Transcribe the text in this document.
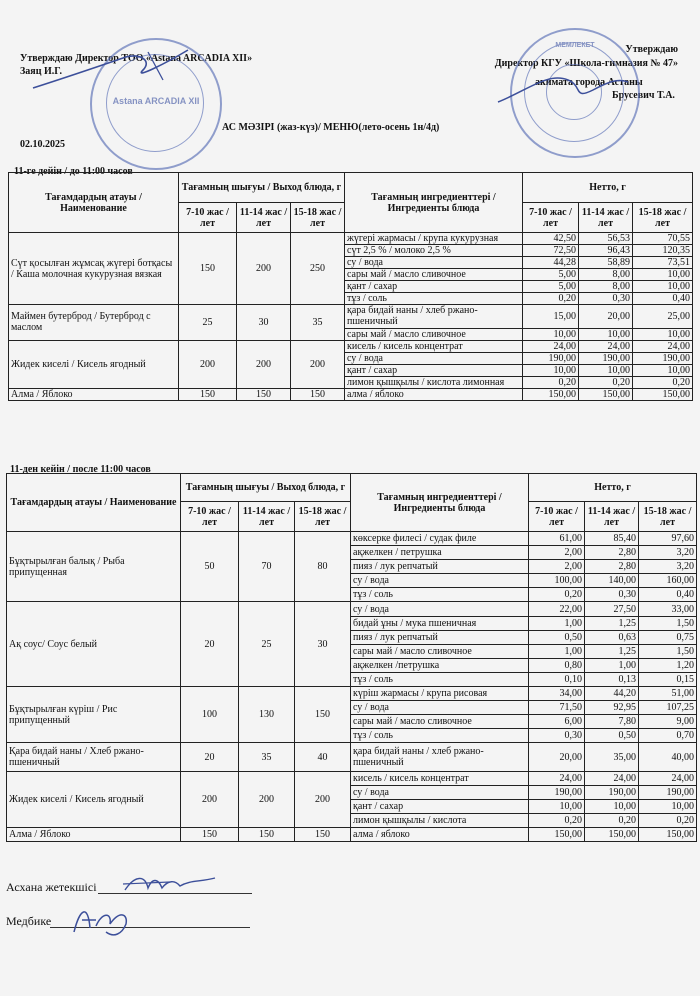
Утверждаю Директор ТОО «Astana ARCADIA XII»
Заяц И.Г.
Утверждаю
Директор КГУ «Школа-гимназия № 47»
акимата города Астаны
Брусевич Т.А.
02.10.2025
АС МӘЗІРІ (жаз-күз)/ МЕНЮ(лето-осень 1н/4д)
Astana ARCADIA XII
МЕМЛЕКЕТ
11-ге дейін / до 11:00 часов
Тағамдардың атауы / Наименование	Тағамның шығуы / Выход блюда, г			Тағамның ингредиенттері / Ингредиенты блюда	Нетто, г		
	7-10 жас / лет	11-14 жас / лет	15-18 жас / лет		7-10 жас / лет	11-14 жас / лет	15-18 жас / лет
Сүт қосылған жұмсақ жүгері ботқасы / Каша молочная кукурузная вязкая	150	200	250	жүгері жармасы / крупа кукурузная	42,50	56,53	70,55
				сүт 2,5 % / молоко 2,5 %	72,50	96,43	120,35
				су / вода	44,28	58,89	73,51
				сары май / масло сливочное	5,00	8,00	10,00
				қант / сахар	5,00	8,00	10,00
				тұз / соль	0,20	0,30	0,40
Маймен бутерброд / Бутерброд с маслом	25	30	35	қара бидай наны / хлеб ржано-пшеничный	15,00	20,00	25,00
				сары май / масло сливочное	10,00	10,00	10,00
Жидек киселі / Кисель ягодный	200	200	200	кисель / кисель концентрат	24,00	24,00	24,00
				су / вода	190,00	190,00	190,00
				қант / сахар	10,00	10,00	10,00
				лимон қышқылы / кислота лимонная	0,20	0,20	0,20
Алма / Яблоко	150	150	150	алма / яблоко	150,00	150,00	150,00
11-ден кейін / после 11:00 часов
Тағамдардың атауы / Наименование	Тағамның шығуы / Выход блюда, г			Тағамның ингредиенттері / Ингредиенты блюда	Нетто, г		
	7-10 жас / лет	11-14 жас / лет	15-18 жас / лет		7-10 жас / лет	11-14 жас / лет	15-18 жас / лет
Бұқтырылған балық / Рыба припущенная	50	70	80	көксерке филесі / судак филе	61,00	85,40	97,60
				ақжелкен / петрушка	2,00	2,80	3,20
				пияз / лук репчатый	2,00	2,80	3,20
				су / вода	100,00	140,00	160,00
				тұз / соль	0,20	0,30	0,40
Ақ соус/ Соус белый	20	25	30	су / вода	22,00	27,50	33,00
				бидай ұны / мука пшеничная	1,00	1,25	1,50
				пияз / лук репчатый	0,50	0,63	0,75
				сары май / масло сливочное	1,00	1,25	1,50
				ақжелкен /петрушка	0,80	1,00	1,20
				тұз / соль	0,10	0,13	0,15
Бұқтырылған күріш / Рис припущенный	100	130	150	күріш жармасы / крупа рисовая	34,00	44,20	51,00
				су / вода	71,50	92,95	107,25
				сары май / масло сливочное	6,00	7,80	9,00
				тұз / соль	0,30	0,50	0,70
Қара бидай наны / Хлеб ржано-пшеничный	20	35	40	қара бидай наны / хлеб ржано-пшеничный	20,00	35,00	40,00
Жидек киселі / Кисель ягодный	200	200	200	кисель / кисель концентрат	24,00	24,00	24,00
				су / вода	190,00	190,00	190,00
				қант / сахар	10,00	10,00	10,00
				лимон қышқылы / кислота	0,20	0,20	0,20
Алма / Яблоко	150	150	150	алма / яблоко	150,00	150,00	150,00
Асхана жетекшісі
Медбике
